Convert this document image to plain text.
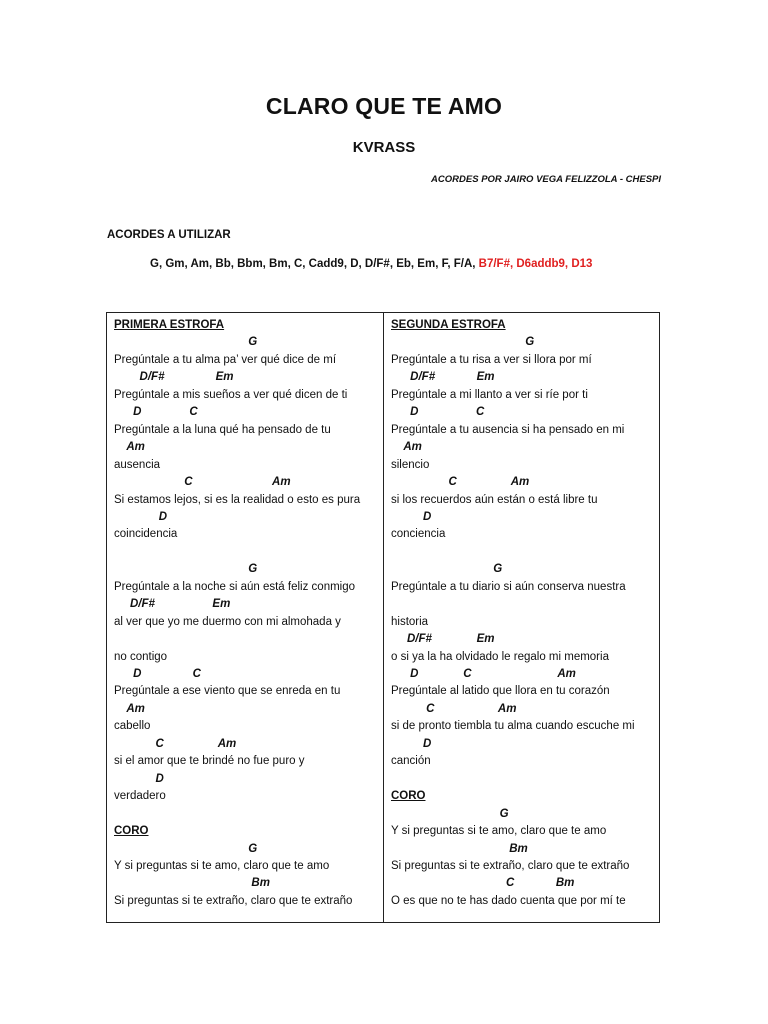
CLARO QUE TE AMO
KVRASS
ACORDES POR JAIRO VEGA FELIZZOLA - CHESPI
ACORDES A UTILIZAR
G, Gm, Am, Bb, Bbm, Bm, C, Cadd9, D, D/F#, Eb, Em, F, F/A, B7/F#, D6addb9, D13
PRIMERA ESTROFA
G
Pregúntale a tu alma pa’ ver qué dice de mí
D/F#                Em
Pregúntale a mis sueños a ver qué dicen de ti
D               C
Pregúntale a la luna qué ha pensado de tu
Am
ausencia
C                         Am
Si estamos lejos, si es la realidad o esto es pura
D
coincidencia
G
Pregúntale a la noche si aún está feliz conmigo
D/F#                  Em
al ver que yo me duermo con mi almohada y
no contigo
D                C
Pregúntale a ese viento que se enreda en tu
Am
cabello
C                 Am
si el amor que te brindé no fue puro y
D
verdadero
CORO
G
Y si preguntas si te amo, claro que te amo
Bm
Si preguntas si te extraño, claro que te extraño
SEGUNDA ESTROFA
G
Pregúntale a tu risa a ver si llora por mí
D/F#             Em
Pregúntale a mi llanto a ver si ríe por ti
D                  C
Pregúntale a tu ausencia si ha pensado en mi
Am
silencio
C                 Am
si los recuerdos aún están o está libre tu
D
conciencia
G
Pregúntale a tu diario si aún conserva nuestra
historia
D/F#              Em
o si ya la ha olvidado le regalo mi memoria
D              C                           Am
Pregúntale al latido que llora en tu corazón
C                    Am
si de pronto tiembla tu alma cuando escuche mi
D
canción
CORO
G
Y si preguntas si te amo, claro que te amo
Bm
Si preguntas si te extraño, claro que te extraño
C             Bm
O es que no te has dado cuenta que por mí te
